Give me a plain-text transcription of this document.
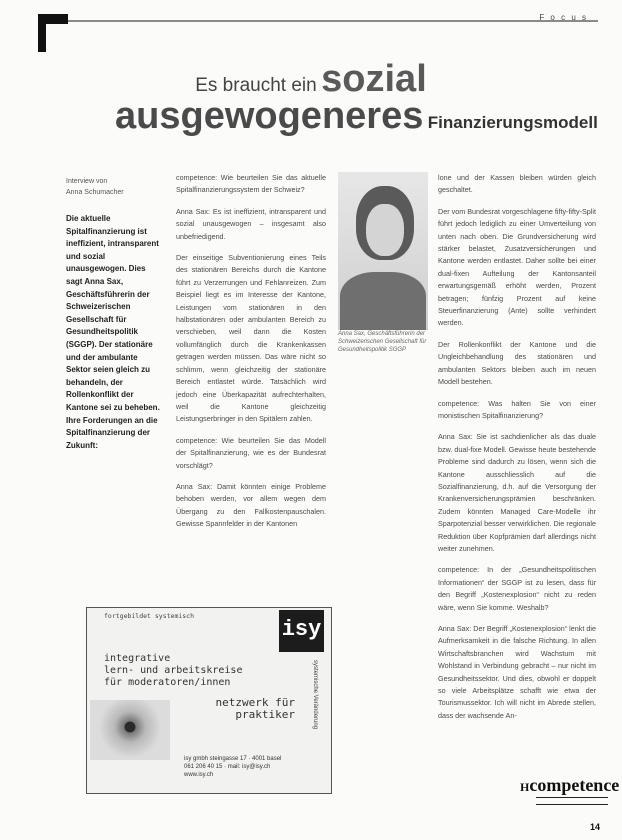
F o c u s
Es braucht ein sozial
ausgewogeneres Finanzierungsmodell
Interview von
Anna Schumacher
Die aktuelle Spitalfinanzierung ist ineffizient, intransparent und sozial unausgewogen. Dies sagt Anna Sax, Geschäftsführerin der Schweizerischen Gesellschaft für Gesundheitspolitik (SGGP). Der stationäre und der ambulante Sektor seien gleich zu behandeln, der Rollenkonflikt der Kantone sei zu beheben. Ihre Forderungen an die Spitalfinanzierung der Zukunft:

competence: Wie beurteilen Sie das aktuelle Spitalfinanzierungssystem der Schweiz?

Anna Sax: Es ist ineffizient, intransparent und sozial unausgewogen – insgesamt also unbefriedigend.

Der einseitige Subventionierung eines Teils des stationären Bereichs durch die Kantone führt zu Verzerrungen und Fehlanreizen. Zum Beispiel liegt es im Interesse der Kantone, Leistungen vom stationären in den halbstationären oder ambulanten Bereich zu verschieben, weil dann die Kosten vollumfänglich durch die Krankenkassen getragen werden müssen. Das wäre nicht so schlimm, wenn gleichzeitig der stationäre Bereich entlastet würde. Tatsächlich wird jedoch eine Überkapazität aufrechterhalten, weil die Kantone gleichzeitig Leistungserbringer in den Spitälern zahlen.

competence: Wie beurteilen Sie das Modell der Spitalfinanzierung, wie es der Bundesrat vorschlägt?

Anna Sax: Damit könnten einige Probleme behoben werden, vor allem wegen dem Übergang zu den Fallkostenpauschalen. Gewisse Spannfelder in der Kantonen

Anna Sax, Geschäftsführerin der Schweizerischen Gesellschaft für Gesundheitspolitik SGGP

lone und der Kassen bleiben würden gleich geschaltet.

Der vom Bundesrat vorgeschlagene fifty-fifty-Split führt jedoch lediglich zu einer Umverteilung von unten nach oben. Die Grundversicherung wird stärker belastet, Zusatzversicherungen und Kantone werden entlastet. Daher sollte bei einer dual-fixen Aufteilung der Kantonsanteil erwartungsgemäß erhöht werden, Prozent betragen; fünfzig Prozent auf keine Steuerfinanzierung (Ante) sollte verhindert werden.

Der Rollenkonflikt der Kantone und die Ungleichbehandlung des stationären und ambulanten Sektors bleiben auch im neuen Modell bestehen.

competence: Was halten Sie von einer monistischen Spitalfinanzierung?

Anna Sax: Sie ist sachdienlicher als das duale bzw. dual-fixe Modell. Gewisse heute bestehende Probleme sind dadurch zu lösen, wenn sich die Kantone ausschliesslich auf die Sozialfinanzierung, d.h. auf die Versorgung der Krankenversicherungsprämien beschränken. Zudem könnten Managed Care-Modelle ihr Sparpotenzial besser verwirklichen. Die regionale Reduktion über Kopfprämien darf allerdings nicht weiter zunehmen.

competence: In der „Gesundheitspolitischen Informationen“ der SGGP ist zu lesen, dass für den Begriff „Kostenexplosion“ nicht zu reden wäre, wenn Sie komme. Weshalb?

Anna Sax: Der Begriff „Kostenexplosion“ lenkt die Aufmerksamkeit in die falsche Richtung. In allen Wirtschaftsbranchen wird Wachstum mit Wohlstand in Verbindung gebracht – nur nicht im Gesundheitssektor. Und dies, obwohl er doppelt so viele Arbeitsplätze schafft wie etwa der Tourismussektor. Ich will nicht im Abrede stellen, dass der wachsende An-

fortgebildet systemisch
isy
integrative
lern- und arbeitskreise
für moderatoren/innen
netzwerk für
praktiker	systemische Veränderung
isy gmbh steingasse 17 · 4001 basel
061 206 40 15 · mail: isy@isy.ch
www.isy.ch
Hcompetence
14
